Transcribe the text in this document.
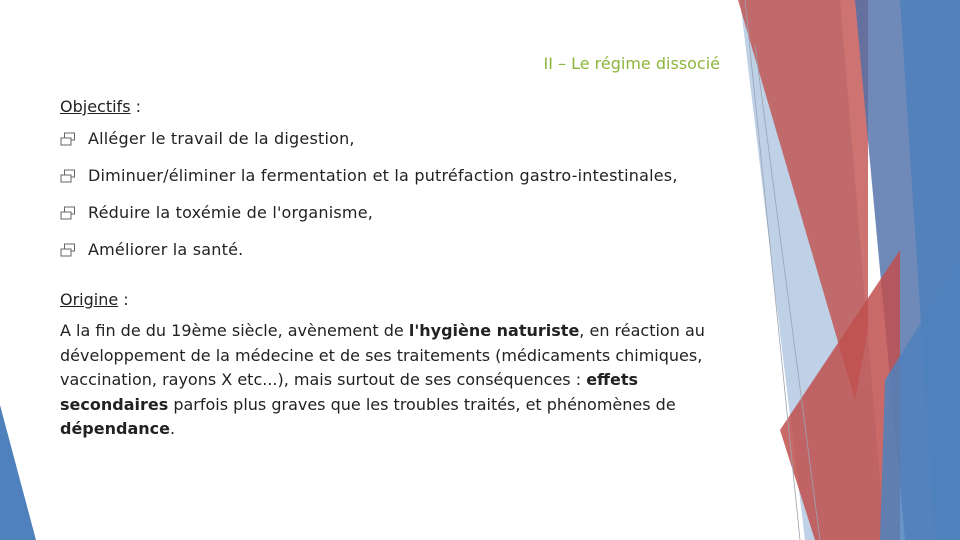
II – Le régime dissocié

Objectifs :

Alléger le travail de la digestion,
Diminuer/éliminer la fermentation et la putréfaction gastro-intestinales,
Réduire la toxémie de l'organisme,
Améliorer la santé.

Origine :

A la fin de du 19ème siècle, avènement de l'hygiène naturiste, en réaction au développement de la médecine et de ses traitements (médicaments chimiques, vaccination, rayons X etc...), mais surtout de ses conséquences : effets secondaires parfois plus graves que les troubles traités, et phénomènes de dépendance.
